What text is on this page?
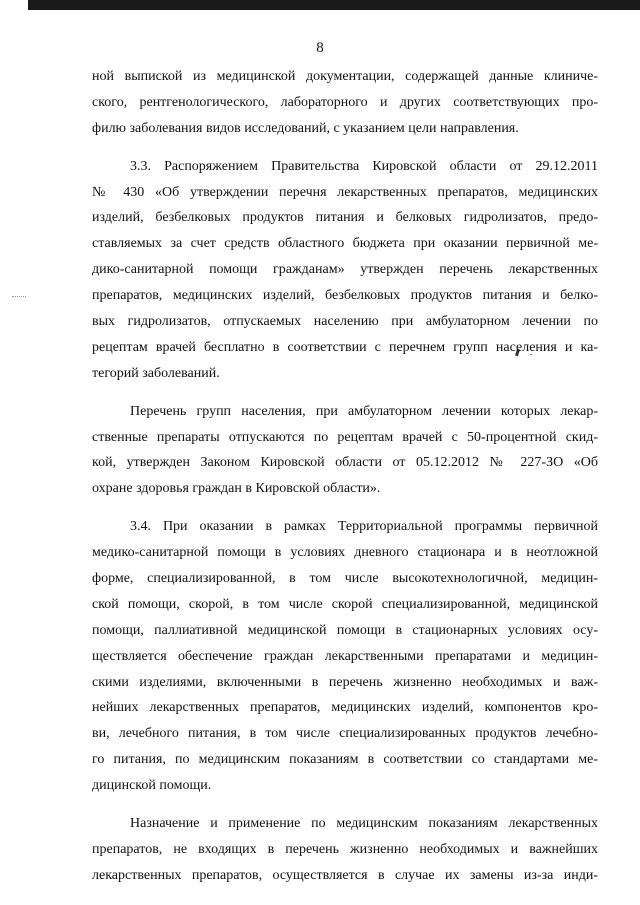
8
ной выпиской из медицинской документации, содержащей данные клиниче-
ского, рентгенологического, лабораторного и других соответствующих про-
филю заболевания видов исследований, с указанием цели направления.
3.3. Распоряжением Правительства Кировской области от 29.12.2011
№ 430 «Об утверждении перечня лекарственных препаратов, медицинских
изделий, безбелковых продуктов питания и белковых гидролизатов, предо-
ставляемых за счет средств областного бюджета при оказании первичной ме-
дико-санитарной помощи гражданам» утвержден перечень лекарственных
препаратов, медицинских изделий, безбелковых продуктов питания и белко-
вых гидролизатов, отпускаемых населению при амбулаторном лечении по
рецептам врачей бесплатно в соответствии с перечнем групп населения и ка-
тегорий заболеваний.
Перечень групп населения, при амбулаторном лечении которых лекар-
ственные препараты отпускаются по рецептам врачей с 50-процентной скид-
кой, утвержден Законом Кировской области от 05.12.2012 № 227-ЗО «Об
охране здоровья граждан в Кировской области».
3.4. При оказании в рамках Территориальной программы первичной
медико-санитарной помощи в условиях дневного стационара и в неотложной
форме, специализированной, в том числе высокотехнологичной, медицин-
ской помощи, скорой, в том числе скорой специализированной, медицинской
помощи, паллиативной медицинской помощи в стационарных условиях осу-
ществляется обеспечение граждан лекарственными препаратами и медицин-
скими изделиями, включенными в перечень жизненно необходимых и важ-
нейших лекарственных препаратов, медицинских изделий, компонентов кро-
ви, лечебного питания, в том числе специализированных продуктов лечебно-
го питания, по медицинским показаниям в соответствии со стандартами ме-
дицинской помощи.
Назначение и применение по медицинским показаниям лекарственных
препаратов, не входящих в перечень жизненно необходимых и важнейших
лекарственных препаратов, осуществляется в случае их замены из-за инди-
